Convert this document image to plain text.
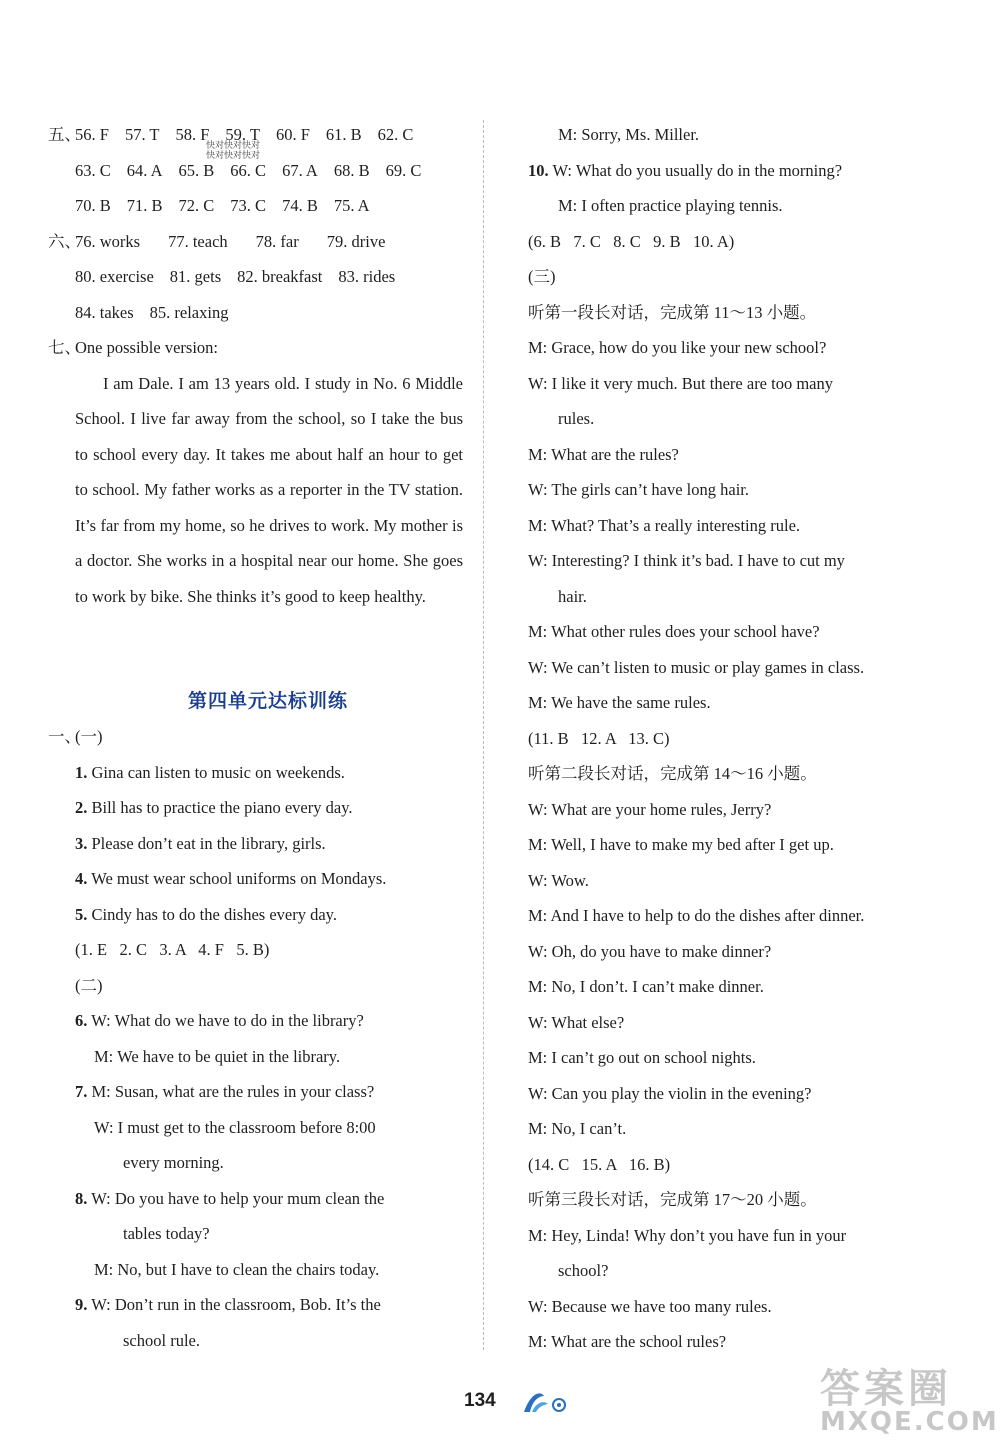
五、56. F 57. T 58. F 59. T 60. F 61. B 62. C
快对快对快对
快对快对快对
63. C 64. A 65. B 66. C 67. A 68. B 69. C
70. B 71. B 72. C 73. C 74. B 75. A
六、76. works 77. teach 78. far 79. drive
80. exercise 81. gets 82. breakfast 83. rides
84. takes 85. relaxing
七、One possible version:
I am Dale. I am 13 years old. I study in No. 6 Middle School. I live far away from the school, so I take the bus to school every day. It takes me about half an hour to get to school. My father works as a reporter in the TV station. It’s far from my home, so he drives to work. My mother is a doctor. She works in a hospital near our home. She goes to work by bike. She thinks it’s good to keep healthy.
第四单元达标训练
一、(一)
1. Gina can listen to music on weekends.
2. Bill has to practice the piano every day.
3. Please don’t eat in the library, girls.
4. We must wear school uniforms on Mondays.
5. Cindy has to do the dishes every day.
(1. E   2. C   3. A   4. F   5. B)
(二)
6. W: What do we have to do in the library?
M: We have to be quiet in the library.
7. M: Susan, what are the rules in your class?
W: I must get to the classroom before 8:00
every morning.
8. W: Do you have to help your mum clean the
tables today?
M: No, but I have to clean the chairs today.
9. W: Don’t run in the classroom, Bob. It’s the
school rule.
M: Sorry, Ms. Miller.
10. W: What do you usually do in the morning?
M: I often practice playing tennis.
(6. B   7. C   8. C   9. B   10. A)
(三)
听第一段长对话，完成第 11～13 小题。
M: Grace, how do you like your new school?
W: I like it very much. But there are too many
rules.
M: What are the rules?
W: The girls can’t have long hair.
M: What? That’s a really interesting rule.
W: Interesting? I think it’s bad. I have to cut my
hair.
M: What other rules does your school have?
W: We can’t listen to music or play games in class.
M: We have the same rules.
(11. B   12. A   13. C)
听第二段长对话，完成第 14～16 小题。
W: What are your home rules, Jerry?
M: Well, I have to make my bed after I get up.
W: Wow.
M: And I have to help to do the dishes after dinner.
W: Oh, do you have to make dinner?
M: No, I don’t. I can’t make dinner.
W: What else?
M: I can’t go out on school nights.
W: Can you play the violin in the evening?
M: No, I can’t.
(14. C   15. A   16. B)
听第三段长对话，完成第 17～20 小题。
M: Hey, Linda! Why don’t you have fun in your
school?
W: Because we have too many rules.
M: What are the school rules?
134	答案圈
MXQE.COM
